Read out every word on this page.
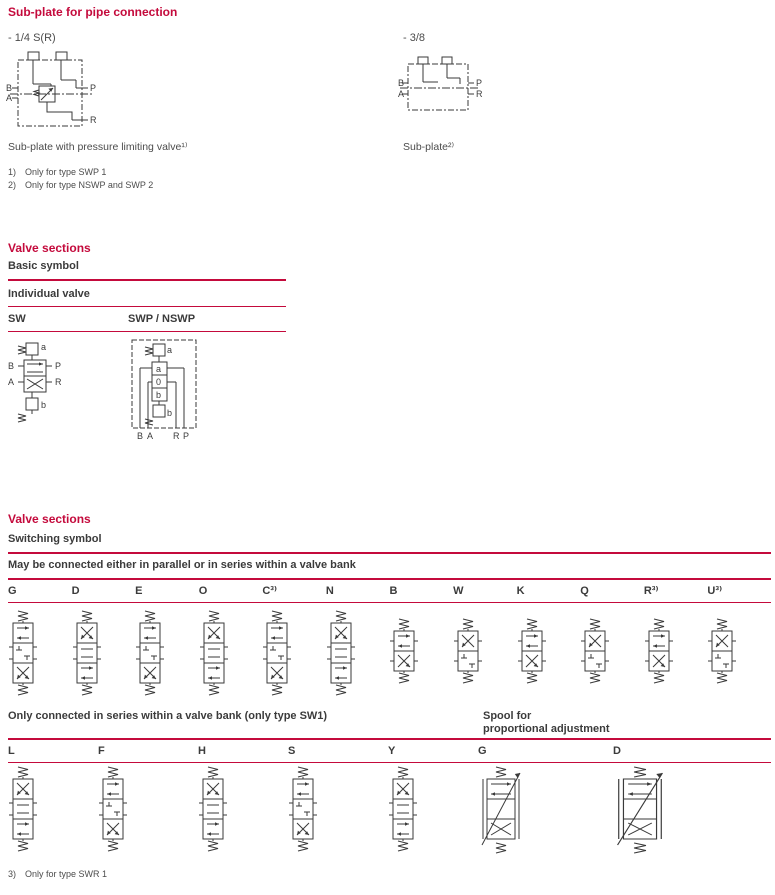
Sub-plate for pipe connection
- 1/4 S(R)	- 3/8
B
A
P
R
B
A
P
R
Sub-plate with pressure limiting valve¹⁾	Sub-plate²⁾
1) Only for type SWP 1
2) Only for type NSWP and SWP 2
Valve sections
Basic symbol
Individual valve
SW	SWP / NSWP
a
B	P
A	R
b
a
a
0
b
b
B A R P
Valve sections
Switching symbol
May be connected either in parallel or in series within a valve bank
G	D	E	O	C³⁾	N	B	W	K	Q	R³⁾	U³⁾
Only connected in series within a valve bank (only type SW1)	Spool for
proportional adjustment
L	F	H	S	Y	G	D
3) Only for type SWR 1
